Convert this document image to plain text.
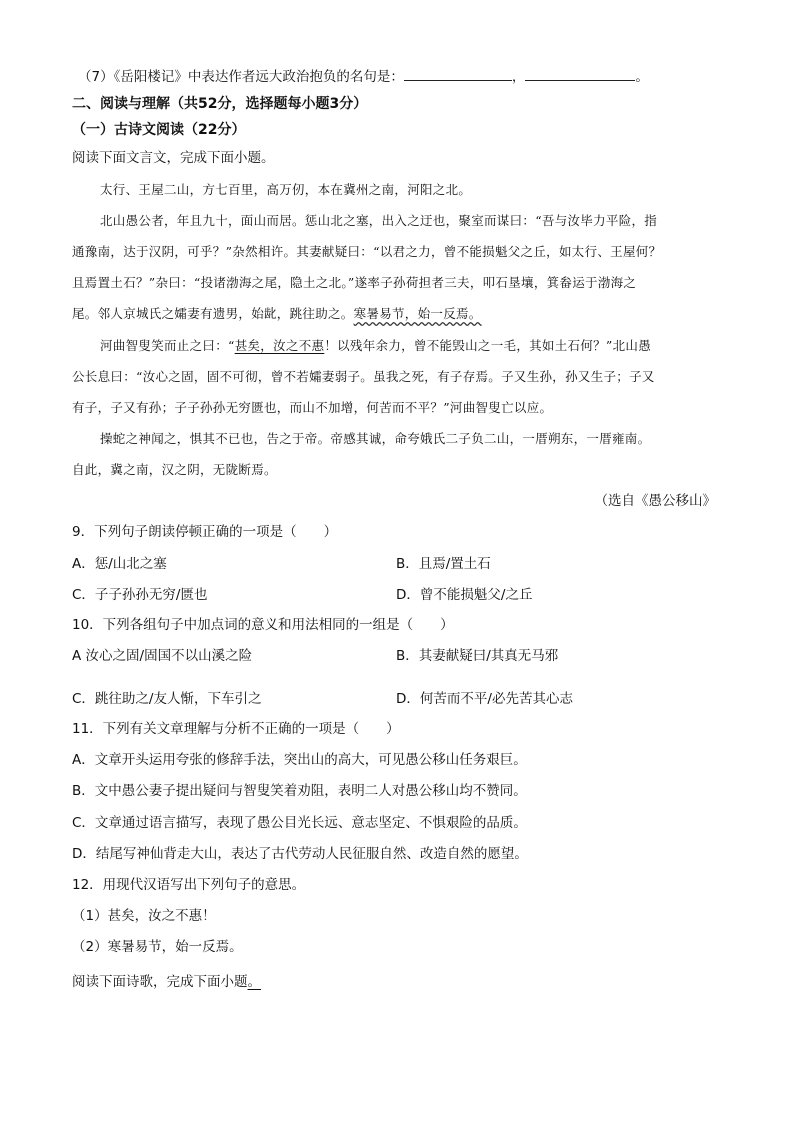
（7）《岳阳楼记》中表达作者远大政治抱负的名句是：	，	。
二、阅读与理解（共52分，选择题每小题3分）
（一）古诗文阅读（22分）
阅读下面文言文，完成下面小题。
太行、王屋二山，方七百里，高万仞，本在冀州之南，河阳之北。
北山愚公者，年且九十，面山而居。惩山北之塞，出入之迂也，聚室而谋曰：“吾与汝毕力平险，指
通豫南，达于汉阴，可乎？”杂然相许。其妻献疑曰：“以君之力，曾不能损魁父之丘，如太行、王屋何？
且焉置土石？”杂曰：“投诸渤海之尾，隐土之北。”遂率子孙荷担者三夫，叩石垦壤，箕畚运于渤海之
尾。邻人京城氏之孀妻有遗男，始龀，跳往助之。寒暑易节，始一反焉。
河曲智叟笑而止之曰：“甚矣，汝之不惠！以残年余力，曾不能毁山之一毛，其如土石何？”北山愚
公长息曰：“汝心之固，固不可彻，曾不若孀妻弱子。虽我之死，有子存焉。子又生孙，孙又生子；子又
有子，子又有孙；子子孙孙无穷匮也，而山不加增，何苦而不平？”河曲智叟亡以应。
操蛇之神闻之，惧其不已也，告之于帝。帝感其诚，命夸娥氏二子负二山，一厝朔东，一厝雍南。
自此，冀之南，汉之阴，无陇断焉。
（选自《愚公移山》
9．下列句子朗读停顿正确的一项是（　　）
A．惩/山北之塞	B．且焉/置土石
C．子子孙孙无穷/匮也	D．曾不能损魁父/之丘
10．下列各组句子中加点词的意义和用法相同的一组是（　　）
A 汝心之固/固国不以山溪之险	B．其妻献疑曰/其真无马邪
C．跳往助之/友人惭，下车引之	D．何苦而不平/必先苦其心志
11．下列有关文章理解与分析不正确的一项是（　　）
A．文章开头运用夸张的修辞手法，突出山的高大，可见愚公移山任务艰巨。
B．文中愚公妻子提出疑问与智叟笑着劝阻，表明二人对愚公移山均不赞同。
C．文章通过语言描写，表现了愚公目光长远、意志坚定、不惧艰险的品质。
D．结尾写神仙背走大山，表达了古代劳动人民征服自然、改造自然的愿望。
12．用现代汉语写出下列句子的意思。
（1）甚矣，汝之不惠！
（2）寒暑易节，始一反焉。
阅读下面诗歌，完成下面小题。
